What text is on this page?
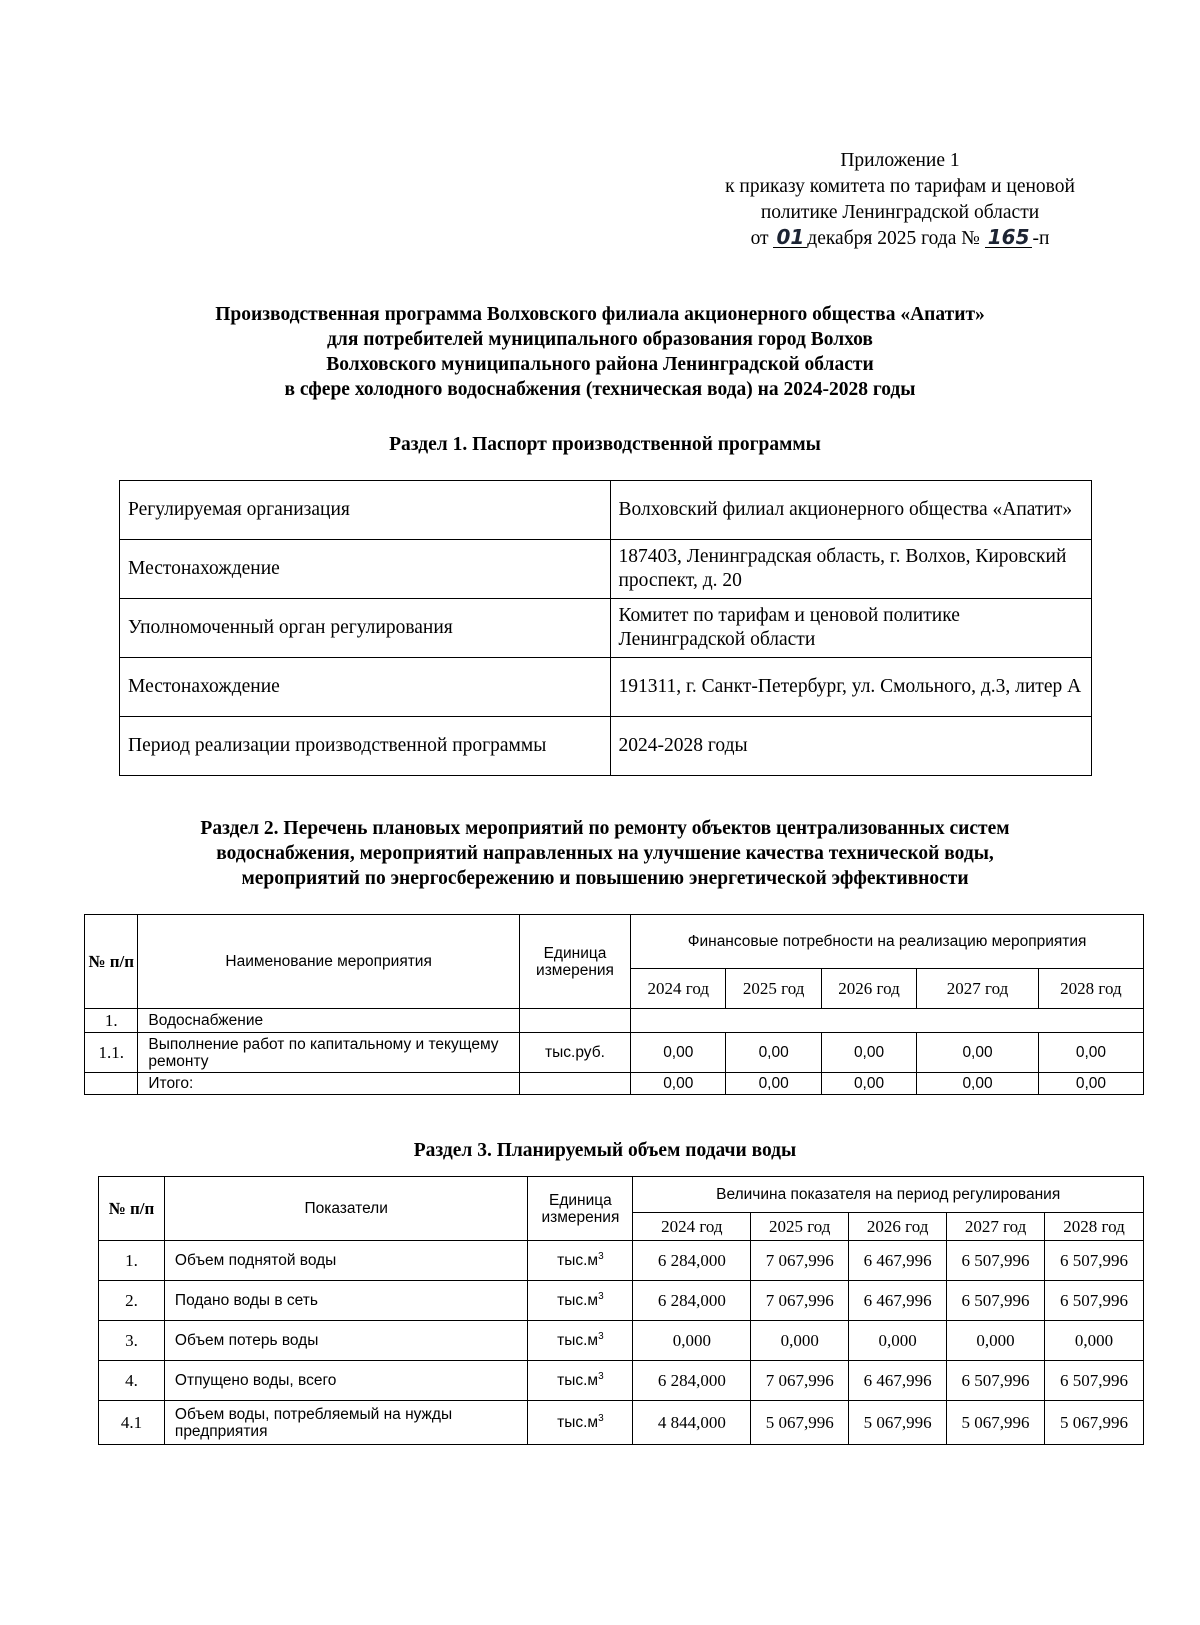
Приложение 1
к приказу комитета по тарифам и ценовой
политике Ленинградской области
от 01 декабря 2025 года № 165 -п
Производственная программа Волховского филиала акционерного общества «Апатит»
для потребителей муниципального образования город Волхов
Волховского муниципального района Ленинградской области
в сфере холодного водоснабжения (техническая вода) на 2024-2028 годы
Раздел 1. Паспорт производственной программы
Регулируемая организация	Волховский филиал акционерного общества «Апатит»
Местонахождение	187403, Ленинградская область, г. Волхов, Кировский проспект, д. 20
Уполномоченный орган регулирования	Комитет по тарифам и ценовой политике Ленинградской области
Местонахождение	191311, г. Санкт-Петербург, ул. Смольного, д.3, литер А
Период реализации производственной программы	2024-2028 годы
Раздел 2. Перечень плановых мероприятий по ремонту объектов централизованных систем
водоснабжения, мероприятий направленных на улучшение качества технической воды,
мероприятий по энергосбережению и повышению энергетической эффективности
№ п/п	Наименование мероприятия	Единица измерения	Финансовые потребности на реализацию мероприятия				
			2024 год	2025 год	2026 год	2027 год	2028 год
1.	Водоснабжение						
1.1.	Выполнение работ по капитальному и текущему ремонту	тыс.руб.	0,00	0,00	0,00	0,00	0,00
	Итого:		0,00	0,00	0,00	0,00	0,00
Раздел 3. Планируемый объем подачи воды
№ п/п	Показатели	Единица измерения	Величина показателя на период регулирования				
			2024 год	2025 год	2026 год	2027 год	2028 год
1.	Объем поднятой воды	$тыс.м^3$	6 284,000	7 067,996	6 467,996	6 507,996	6 507,996
2.	Подано воды в сеть	$тыс.м^3$	6 284,000	7 067,996	6 467,996	6 507,996	6 507,996
3.	Объем потерь воды	$тыс.м^3$	0,000	0,000	0,000	0,000	0,000
4.	Отпущено воды, всего	$тыс.м^3$	6 284,000	7 067,996	6 467,996	6 507,996	6 507,996
4.1	Объем воды, потребляемый на нужды предприятия	$тыс.м^3$	4 844,000	5 067,996	5 067,996	5 067,996	5 067,996
